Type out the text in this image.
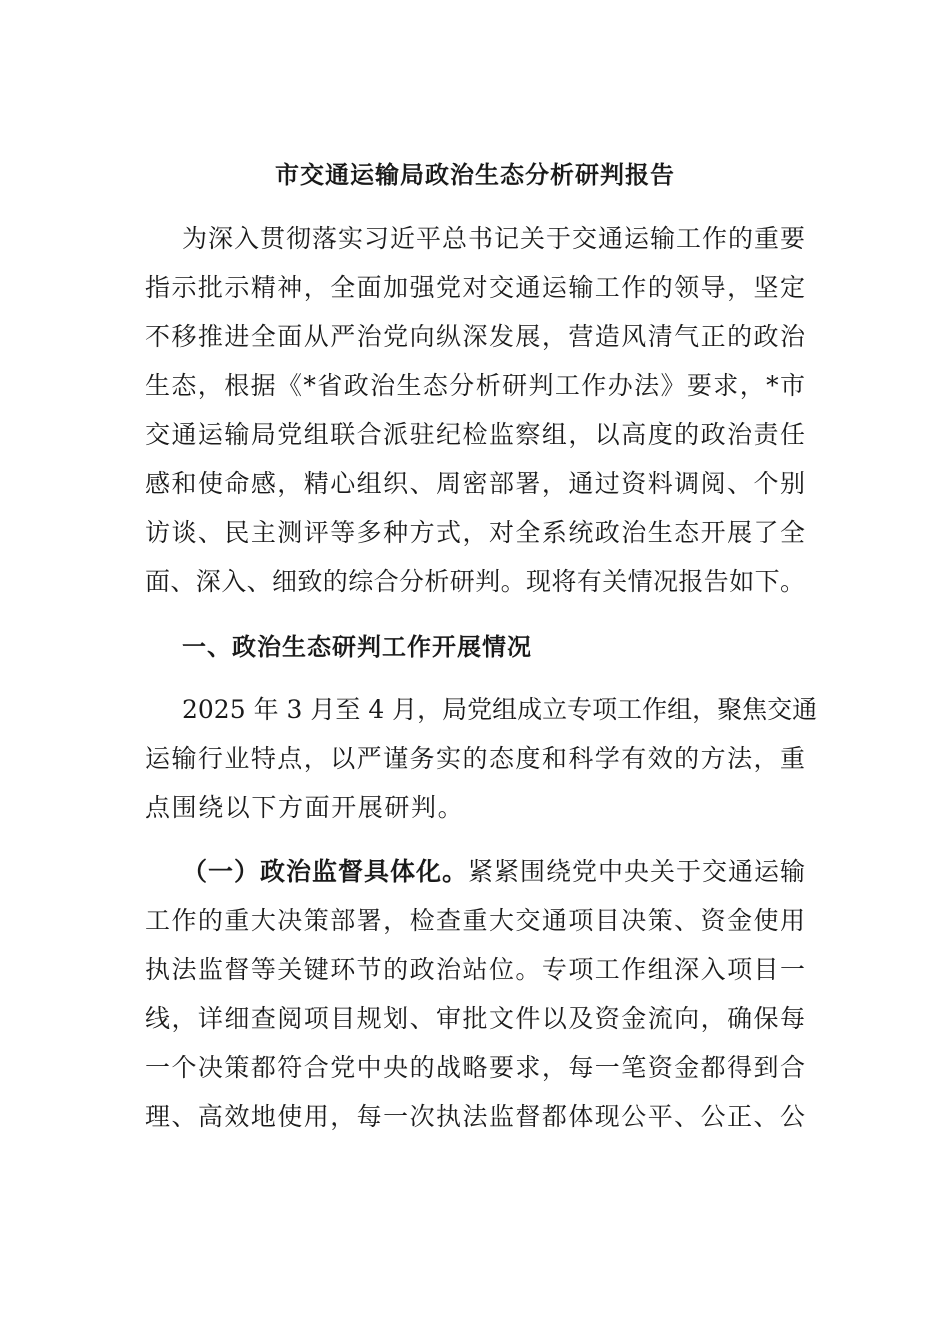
市交通运输局政治生态分析研判报告
为深入贯彻落实习近平总书记关于交通运输工作的重要
指示批示精神，全面加强党对交通运输工作的领导，坚定
不移推进全面从严治党向纵深发展，营造风清气正的政治
生态，根据《*省政治生态分析研判工作办法》要求，*市
交通运输局党组联合派驻纪检监察组，以高度的政治责任
感和使命感，精心组织、周密部署，通过资料调阅、个别
访谈、民主测评等多种方式，对全系统政治生态开展了全
面、深入、细致的综合分析研判。现将有关情况报告如下。
一、政治生态研判工作开展情况
2025 年 3 月至 4 月，局党组成立专项工作组，聚焦交通
运输行业特点，以严谨务实的态度和科学有效的方法，重
点围绕以下方面开展研判。
（一）政治监督具体化。紧紧围绕党中央关于交通运输
工作的重大决策部署，检查重大交通项目决策、资金使用
执法监督等关键环节的政治站位。专项工作组深入项目一
线，详细查阅项目规划、审批文件以及资金流向，确保每
一个决策都符合党中央的战略要求，每一笔资金都得到合
理、高效地使用，每一次执法监督都体现公平、公正、公
